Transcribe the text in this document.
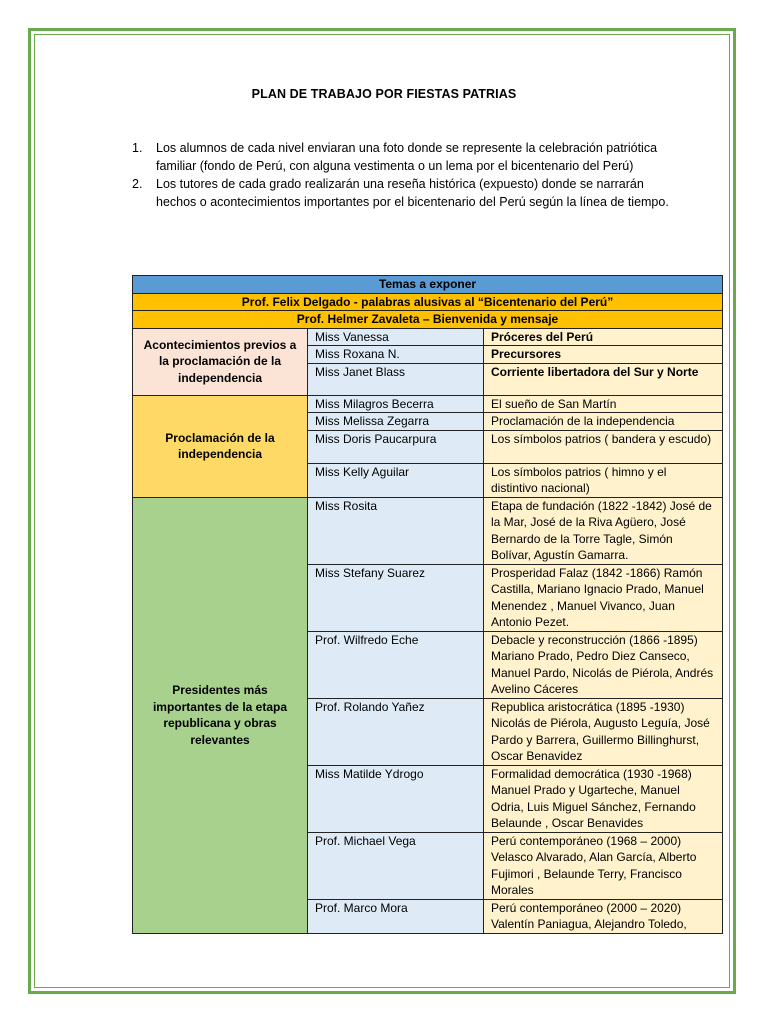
PLAN DE TRABAJO POR FIESTAS PATRIAS

1. Los alumnos de cada nivel enviaran una foto donde se represente la celebración patriótica familiar (fondo de Perú, con alguna vestimenta o un lema por el bicentenario del Perú)

2. Los tutores de cada grado realizarán una reseña histórica (expuesto) donde se narrarán hechos o acontecimientos importantes por el bicentenario del Perú según la línea de tiempo.

Temas a exponer		
Prof. Felix Delgado - palabras alusivas al “Bicentenario del Perú”		
Prof. Helmer Zavaleta – Bienvenida y mensaje		
Acontecimientos previos a la proclamación de la independencia	Miss Vanessa	Próceres del Perú
	Miss Roxana N.	Precursores
	Miss Janet Blass	Corriente libertadora del Sur y Norte
Proclamación de la independencia	Miss Milagros Becerra	El sueño de San Martín
	Miss Melissa Zegarra	Proclamación de la independencia
	Miss Doris Paucarpura	Los símbolos patrios ( bandera y escudo)
	Miss Kelly Aguilar	Los símbolos patrios ( himno y el distintivo nacional)
Presidentes más importantes de la etapa republicana y obras relevantes	Miss Rosita	Etapa de fundación (1822 -1842) José de la Mar, José de la Riva Agüero, José Bernardo de la Torre Tagle, Simón Bolívar, Agustín Gamarra.
	Miss Stefany Suarez	Prosperidad Falaz (1842 -1866) Ramón Castilla, Mariano Ignacio Prado, Manuel Menendez , Manuel Vivanco, Juan Antonio Pezet.
	Prof. Wilfredo Eche	Debacle y reconstrucción (1866 -1895) Mariano Prado, Pedro Diez Canseco, Manuel Pardo, Nicolás de Piérola, Andrés Avelino Cáceres
	Prof. Rolando Yañez	Republica aristocrática (1895 -1930) Nicolás de Piérola, Augusto Leguía, José Pardo y Barrera, Guillermo Billinghurst, Oscar Benavidez
	Miss Matilde Ydrogo	Formalidad democrática (1930 -1968) Manuel Prado y Ugarteche, Manuel Odria, Luis Miguel Sánchez, Fernando Belaunde , Oscar Benavides
	Prof. Michael Vega	Perú contemporáneo (1968 – 2000) Velasco Alvarado, Alan García, Alberto Fujimori , Belaunde Terry, Francisco Morales
	Prof. Marco Mora	Perú contemporáneo (2000 – 2020) Valentín Paniagua, Alejandro Toledo,
